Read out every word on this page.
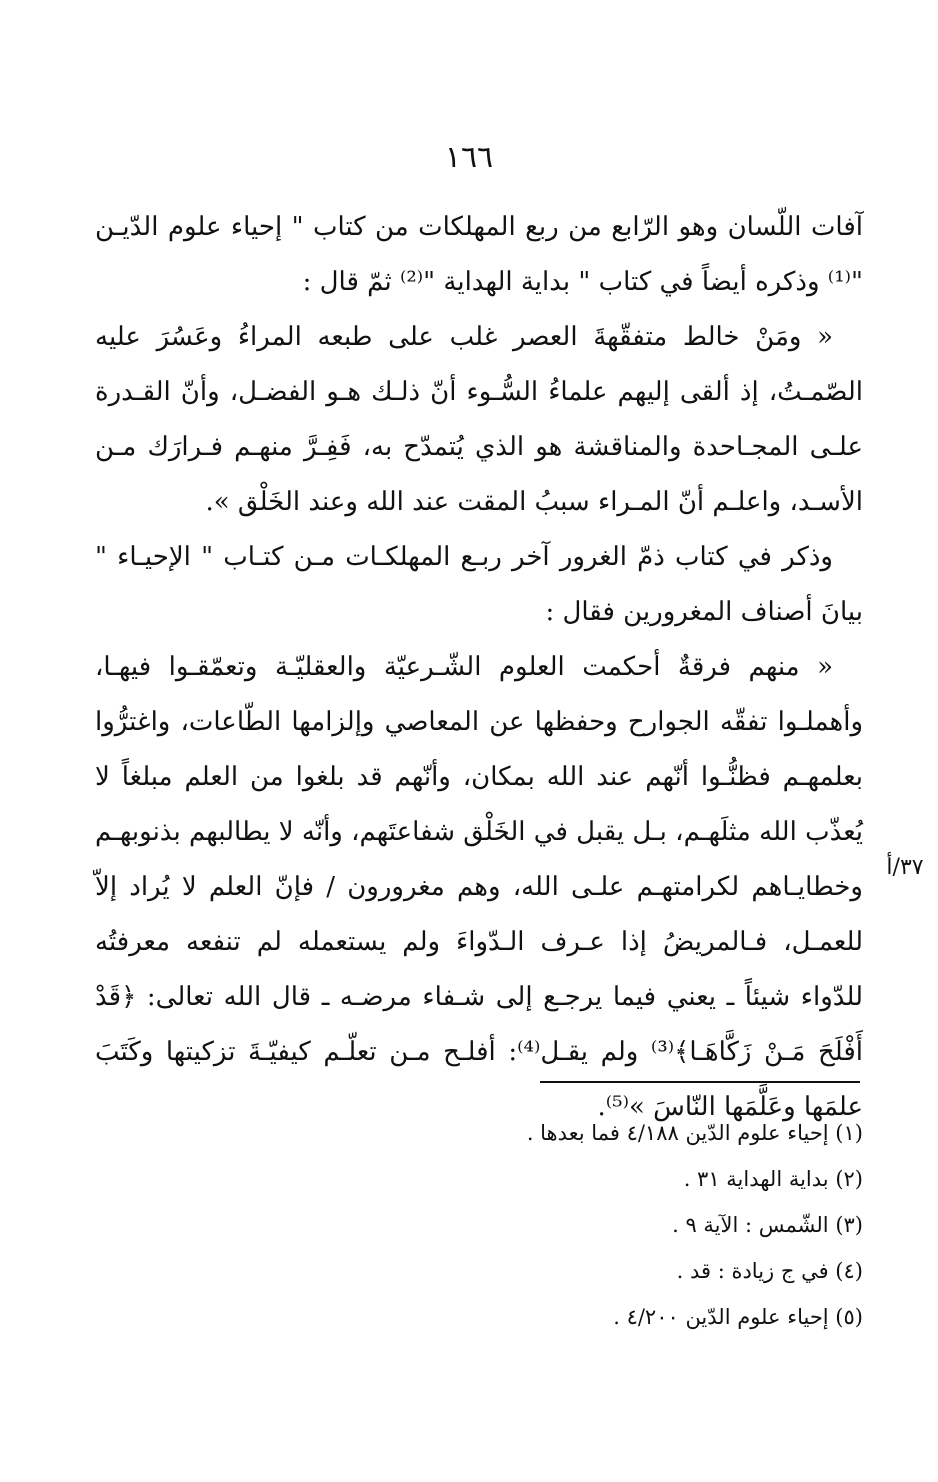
١٦٦

آفات اللّسان وهو الرّابع من ربع المهلكات من كتاب " إحياء علوم الدّيـن "⁽¹⁾ وذكره أيضاً في كتاب " بداية الهداية "⁽²⁾ ثمّ قال :

« ومَنْ خالط متفقّهةَ العصر غلب على طبعه المراءُ وعَسُرَ عليه الصّمـتُ، إذ ألقى إليهم علماءُ السُّـوء أنّ ذلـك هـو الفضـل، وأنّ القـدرة علـى المجـاحدة والمناقشة هو الذي يُتمدّح به، فَفِـرَّ منهـم فـرارَك مـن الأسـد، واعلـم أنّ المـراء سببُ المقت عند الله وعند الخَلْق ».

وذكر في كتاب ذمّ الغرور آخر ربـع المهلكـات مـن كتـاب " الإحيـاء " بيانَ أصناف المغرورين فقال :

« منهم فرقةٌ أحكمت العلوم الشّـرعيّة والعقليّـة وتعمّقـوا فيهـا، وأهملـوا تفقّه الجوارح وحفظها عن المعاصي وإلزامها الطّاعات، واغترُّوا بعلمهـم فظنُّـوا أنّهم عند الله بمكان، وأنّهم قد بلغوا من العلم مبلغاً لا يُعذّب الله مثلَهـم، بـل يقبل في الخَلْق شفاعتَهم، وأنّه لا يطالبهم بذنوبهـم وخطايـاهم لكرامتهـم علـى الله، وهم مغرورون / فإنّ العلم لا يُراد إلاّ للعمـل، فـالمريضُ إذا عـرف الـدّواءَ ولم يستعمله لم تنفعه معرفتُه للدّواء شيئاً ـ يعني فيما يرجـع إلى شـفاء مرضـه ـ قال الله تعالى: ﴿قَدْ أَفْلَحَ مَـنْ زَكَّاهَـا﴾⁽³⁾ ولم يقـل⁽⁴⁾: أفلـح مـن تعلّـم كيفيّـةَ تزكيتها وكَتَبَ علمَها وعَلَّمَها النّاسَ »⁽⁵⁾.

٣٧/أ
(١) إحياء علوم الدّين ٤/١٨٨ فما بعدها .
(٢) بداية الهداية ٣١ .
(٣) الشّمس : الآية ٩ .
(٤) في ج زيادة : قد .
(٥) إحياء علوم الدّين ٤/٢٠٠ .
